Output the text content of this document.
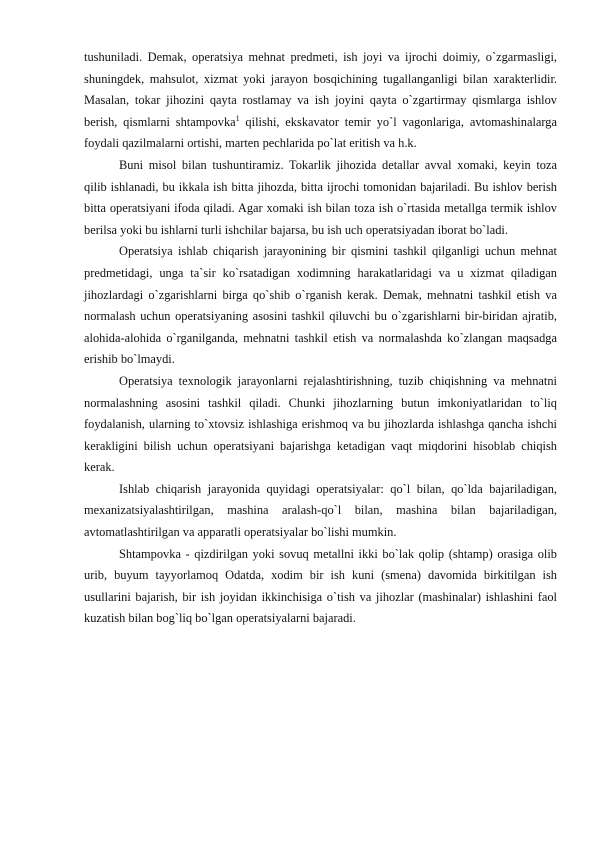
tushuniladi. Demak, operatsiya mehnat predmeti, ish joyi va ijrochi doimiy, o`zgarmasligi, shuningdek, mahsulot, xizmat yoki jarayon bosqichining tugallanganligi bilan xarakterlidir. Masalan, tokar jihozini qayta rostlamay va ish joyini qayta o`zgartirmay qismlarga ishlov berish, qismlarni shtampovka$^1$ qilishi, ekskavator temir yo`l vagonlariga, avtomashinalarga foydali qazilmalarni ortishi, marten pechlarida po`lat eritish va h.k.

Buni misol bilan tushuntiramiz. Tokarlik jihozida detallar avval xomaki, keyin toza qilib ishlanadi, bu ikkala ish bitta jihozda, bitta ijrochi tomonidan bajariladi. Bu ishlov berish bitta operatsiyani ifoda qiladi. Agar xomaki ish bilan toza ish o`rtasida metallga termik ishlov berilsa yoki bu ishlarni turli ishchilar bajarsa, bu ish uch operatsiyadan iborat bo`ladi.

Operatsiya ishlab chiqarish jarayonining bir qismini tashkil qilganligi uchun mehnat predmetidagi, unga ta`sir ko`rsatadigan xodimning harakatlaridagi va u xizmat qiladigan jihozlardagi o`zgarishlarni birga qo`shib o`rganish kerak. Demak, mehnatni tashkil etish va normalash uchun operatsiyaning asosini tashkil qiluvchi bu o`zgarishlarni bir-biridan ajratib, alohida-alohida o`rganilganda, mehnatni tashkil etish va normalashda ko`zlangan maqsadga erishib bo`lmaydi.

Operatsiya texnologik jarayonlarni rejalashtirishning, tuzib chiqishning va mehnatni normalashning asosini tashkil qiladi. Chunki jihozlarning butun imkoniyatlaridan to`liq foydalanish, ularning to`xtovsiz ishlashiga erishmoq va bu jihozlarda ishlashga qancha ishchi kerakligini bilish uchun operatsiyani bajarishga ketadigan vaqt miqdorini hisoblab chiqish kerak.

Ishlab chiqarish jarayonida quyidagi operatsiyalar: qo`l bilan, qo`lda bajariladigan, mexanizatsiyalashtirilgan, mashina aralash-qo`l bilan, mashina bilan bajariladigan, avtomatlashtirilgan va apparatli operatsiyalar bo`lishi mumkin.

Shtampovka - qizdirilgan yoki sovuq metallni ikki bo`lak qolip (shtamp) orasiga olib urib, buyum tayyorlamoq Odatda, xodim bir ish kuni (smena) davomida birkitilgan ish usullarini bajarish, bir ish joyidan ikkinchisiga o`tish va jihozlar (mashinalar) ishlashini faol kuzatish bilan bog`liq bo`lgan operatsiyalarni bajaradi.
